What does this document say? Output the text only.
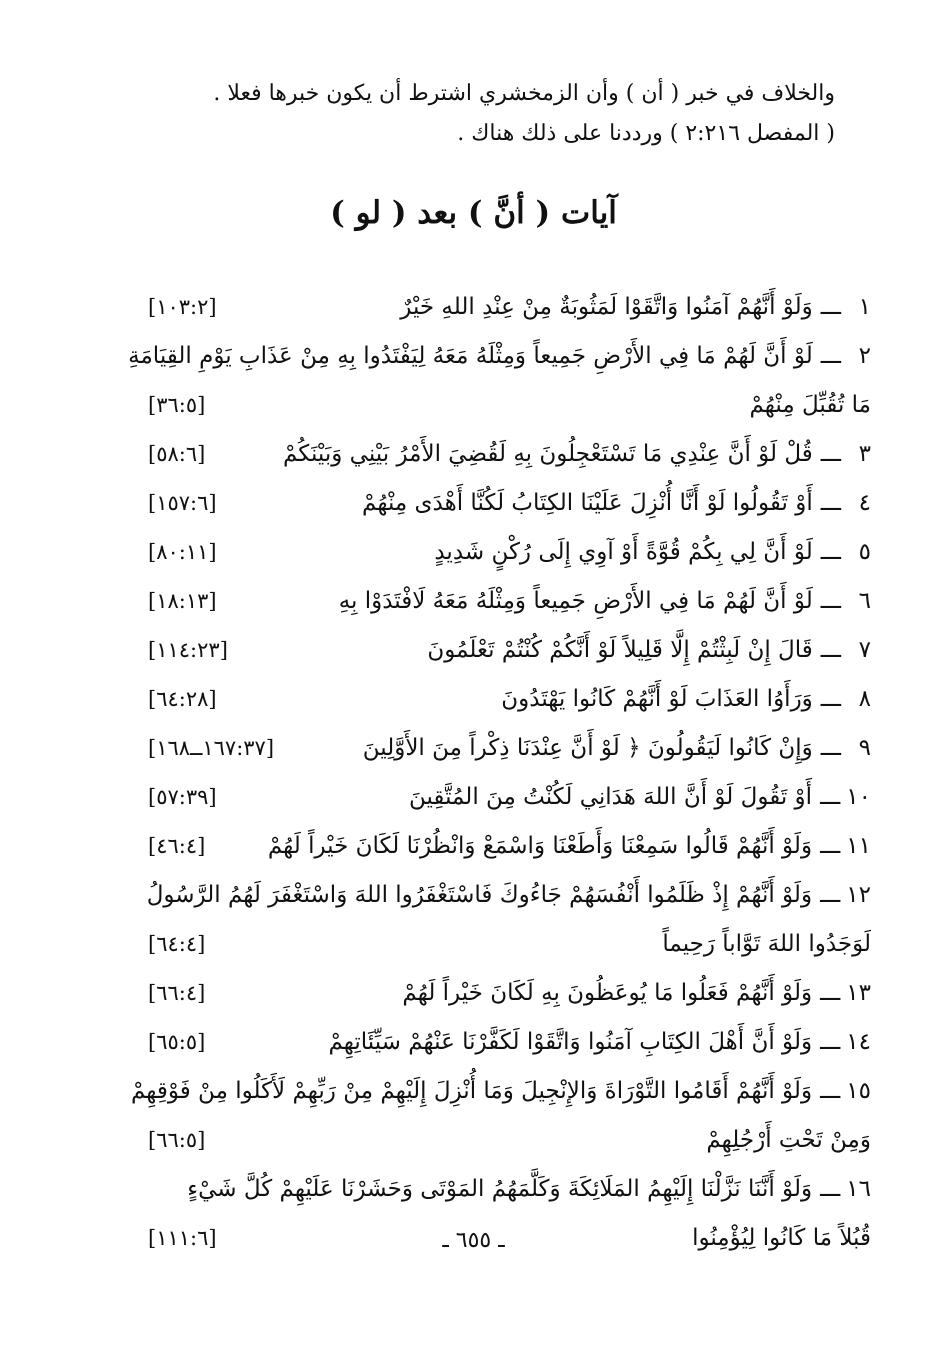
والخلاف في خبر ( أن ) وأن الزمخشري اشترط أن يكون خبرها فعلا .
( المفصل ٢:٢١٦ ) ورددنا على ذلك هناك .
آيات ( أنَّ ) بعد ( لو )
١ـــوَلَوْ أَنَّهُمْ آمَنُوا وَاتَّقَوْا لَمَثُوبَةٌ مِنْ عِنْدِ اللهِ خَيْرٌ
[١٠٣:٢]
٢ـــلَوْ أَنَّ لَهُمْ مَا فِي الأَرْضِ جَمِيعاً وَمِثْلَهُ مَعَهُ لِيَفْتَدُوا بِهِ مِنْ عَذَابِ يَوْمِ القِيَامَةِ
مَا تُقُبِّلَ مِنْهُمْ
[٣٦:٥]
٣ـــقُلْ لَوْ أَنَّ عِنْدِي مَا تَسْتَعْجِلُونَ بِهِ لَقُضِيَ الأَمْرُ بَيْنِي وَبَيْنَكُمْ
[٥٨:٦]
٤ـــأَوْ تَقُولُوا لَوْ أَنَّا أُنْزِلَ عَلَيْنَا الكِتَابُ لَكُنَّا أَهْدَى مِنْهُمْ
[١٥٧:٦]
٥ـــلَوْ أَنَّ لِي بِكُمْ قُوَّةً أَوْ آوِي إِلَى رُكْنٍ شَدِيدٍ
[٨٠:١١]
٦ـــلَوْ أَنَّ لَهُمْ مَا فِي الأَرْضِ جَمِيعاً وَمِثْلَهُ مَعَهُ لَافْتَدَوْا بِهِ
[١٨:١٣]
٧ـــقَالَ إِنْ لَبِثْتُمْ إِلَّا قَلِيلاً لَوْ أَنَّكُمْ كُنْتُمْ تَعْلَمُونَ
[١١٤:٢٣]
٨ـــوَرَأَوُا العَذَابَ لَوْ أَنَّهُمْ كَانُوا يَهْتَدُونَ
[٦٤:٢٨]
٩ـــوَإِنْ كَانُوا لَيَقُولُونَ ﴿ لَوْ أَنَّ عِنْدَنَا ذِكْراً مِنَ الأَوَّلِينَ
[١٦٧:٣٧ــ١٦٨]
١٠ـــأَوْ تَقُولَ لَوْ أَنَّ اللهَ هَدَانِي لَكُنْتُ مِنَ المُتَّقِينَ
[٥٧:٣٩]
١١ـــوَلَوْ أَنَّهُمْ قَالُوا سَمِعْنَا وَأَطَعْنَا وَاسْمَعْ وَانْظُرْنَا لَكَانَ خَيْراً لَهُمْ
[٤٦:٤]
١٢ـــوَلَوْ أَنَّهُمْ إِذْ ظَلَمُوا أَنْفُسَهُمْ جَاءُوكَ فَاسْتَغْفَرُوا اللهَ وَاسْتَغْفَرَ لَهُمُ الرَّسُولُ
لَوَجَدُوا اللهَ تَوَّاباً رَحِيماً
[٦٤:٤]
١٣ـــوَلَوْ أَنَّهُمْ فَعَلُوا مَا يُوعَظُونَ بِهِ لَكَانَ خَيْراً لَهُمْ
[٦٦:٤]
١٤ـــوَلَوْ أَنَّ أَهْلَ الكِتَابِ آمَنُوا وَاتَّقَوْا لَكَفَّرْنَا عَنْهُمْ سَيِّئَاتِهِمْ
[٦٥:٥]
١٥ـــوَلَوْ أَنَّهُمْ أَقَامُوا التَّوْرَاةَ وَالإِنْجِيلَ وَمَا أُنْزِلَ إِلَيْهِمْ مِنْ رَبِّهِمْ لَأَكَلُوا مِنْ فَوْقِهِمْ
وَمِنْ تَحْتِ أَرْجُلِهِمْ
[٦٦:٥]
١٦ـــوَلَوْ أَنَّنَا نَزَّلْنَا إِلَيْهِمُ المَلَائِكَةَ وَكَلَّمَهُمُ المَوْتَى وَحَشَرْنَا عَلَيْهِمْ كُلَّ شَيْءٍ
قُبُلاً مَا كَانُوا لِيُؤْمِنُوا
[١١١:٦]	ـ ٦٥٥ ـ
